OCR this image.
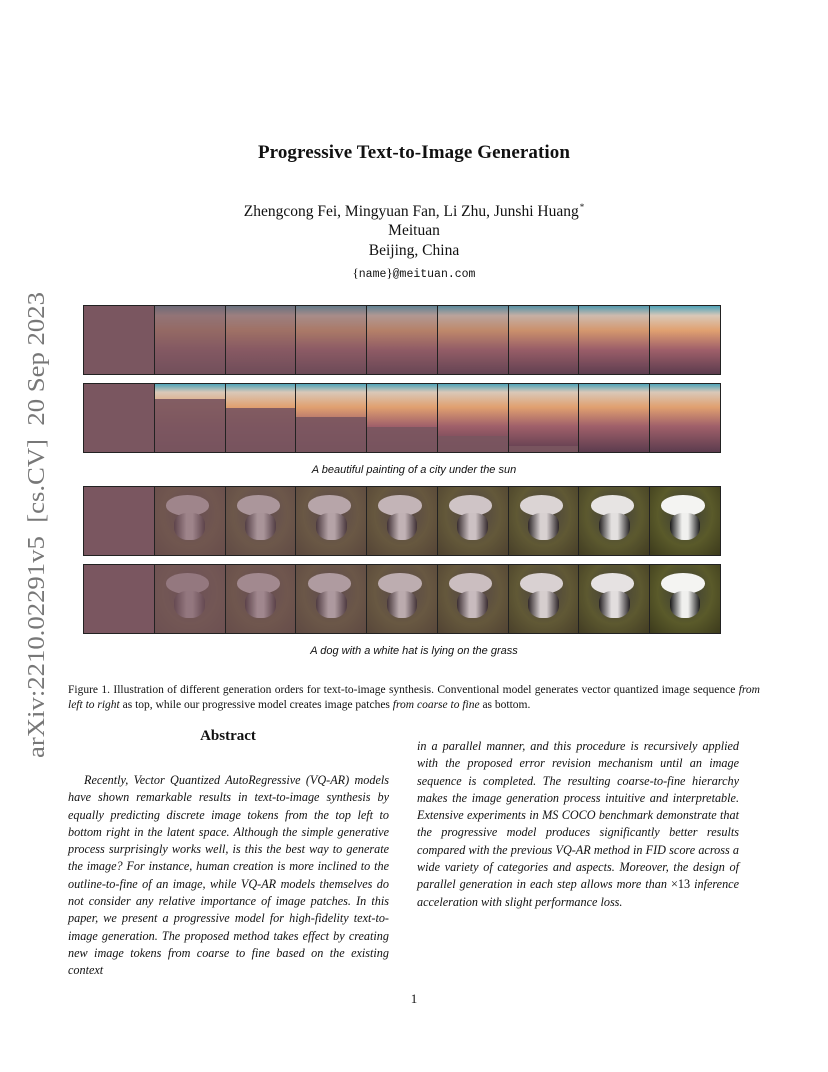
arXiv:2210.02291v5  [cs.CV]  20 Sep 2023
Progressive Text-to-Image Generation
Zhengcong Fei, Mingyuan Fan, Li Zhu, Junshi Huang*
Meituan
Beijing, China
{name}@meituan.com
A beautiful painting of a city under the sun
A dog with a white hat is lying on the grass
Figure 1. Illustration of different generation orders for text-to-image synthesis. Conventional model generates vector quantized image sequence from left to right as top, while our progressive model creates image patches from coarse to fine as bottom.
Abstract
Recently, Vector Quantized AutoRegressive (VQ-AR) models have shown remarkable results in text-to-image synthesis by equally predicting discrete image tokens from the top left to bottom right in the latent space. Although the simple generative process surprisingly works well, is this the best way to generate the image? For instance, human creation is more inclined to the outline-to-fine of an image, while VQ-AR models themselves do not consider any relative importance of image patches. In this paper, we present a progressive model for high-fidelity text-to-image generation. The proposed method takes effect by creating new image tokens from coarse to fine based on the existing context
in a parallel manner, and this procedure is recursively applied with the proposed error revision mechanism until an image sequence is completed. The resulting coarse-to-fine hierarchy makes the image generation process intuitive and interpretable. Extensive experiments in MS COCO benchmark demonstrate that the progressive model produces significantly better results compared with the previous VQ-AR method in FID score across a wide variety of categories and aspects. Moreover, the design of parallel generation in each step allows more than ×13 inference acceleration with slight performance loss.
1
